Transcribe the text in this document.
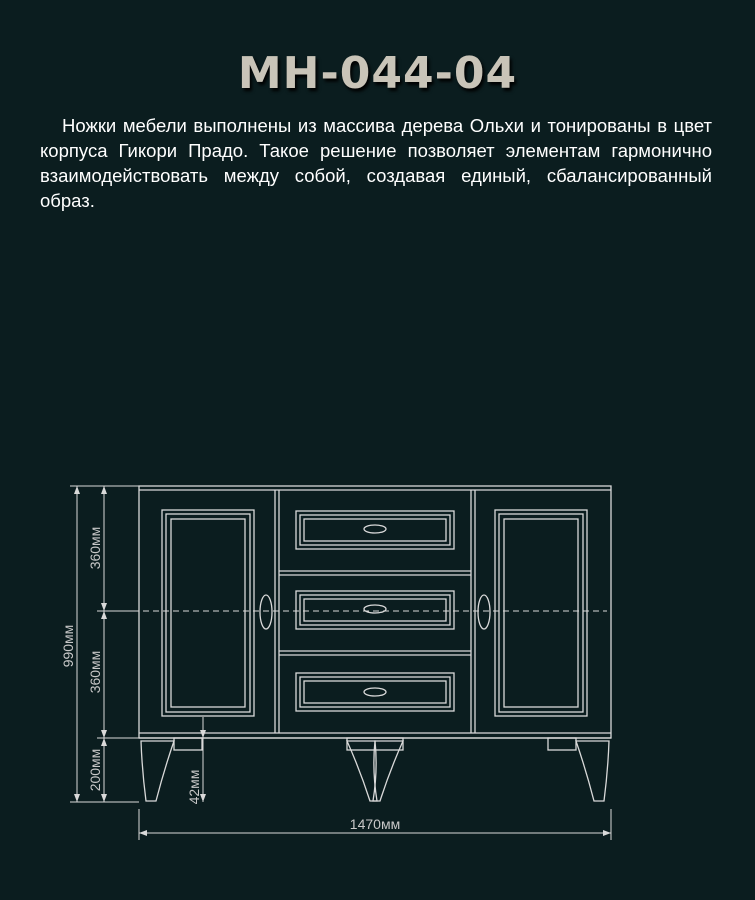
MH-044-04

Ножки мебели выполнены из массива дерева Ольхи и тонированы в цвет корпуса Гикори Прадо. Такое решение позволяет элементам гармонично взаимодействовать между собой, создавая единый, сбалансированный образ.

990мм
360мм
360мм
200мм	42мм
1470мм
